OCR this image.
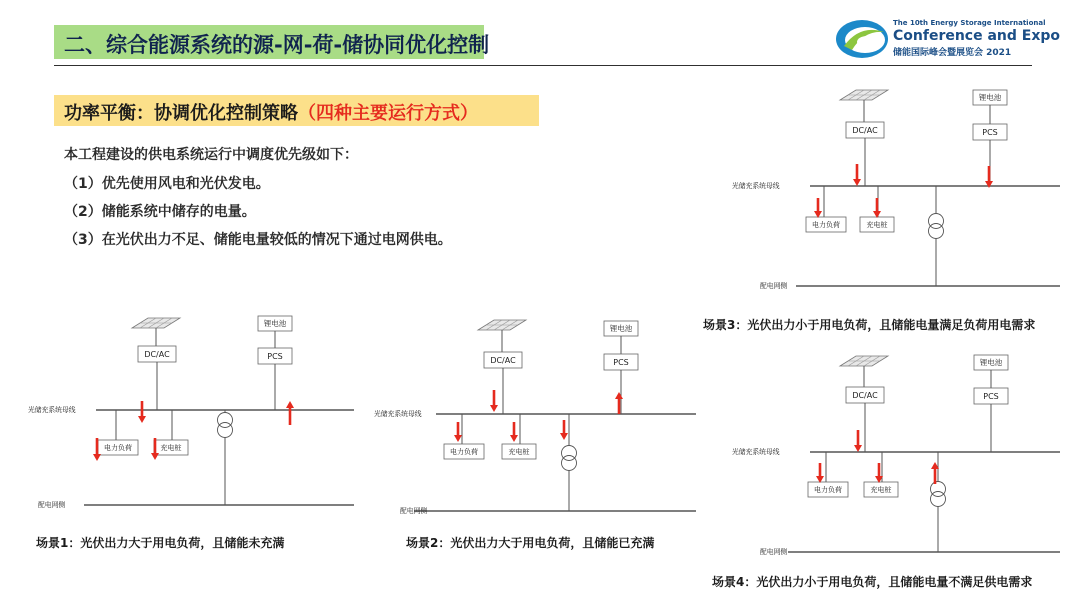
二、综合能源系统的源-网-荷-储协同优化控制
The 10th Energy Storage International
Conference and Expo
储能国际峰会暨展览会 2021
功率平衡：协调优化控制策略（四种主要运行方式）
本工程建设的供电系统运行中调度优先级如下：
（1）优先使用风电和光伏发电。
（2）储能系统中储存的电量。
（3）在光伏出力不足、储能电量较低的情况下通过电网供电。
DC/AC
锂电池
PCS
光储充系统母线
电力负荷	充电桩
配电网侧
DC/AC
锂电池
PCS
光储充系统母线
电力负荷	充电桩
配电网侧
DC/AC
锂电池
PCS
光储充系统母线
电力负荷	充电桩
配电网侧
DC/AC
锂电池
PCS
光储充系统母线
电力负荷	充电桩
配电网侧
场景1：光伏出力大于用电负荷，且储能未充满	场景2：光伏出力大于用电负荷，且储能已充满
场景3：光伏出力小于用电负荷，且储能电量满足负荷用电需求
场景4：光伏出力小于用电负荷，且储能电量不满足供电需求
